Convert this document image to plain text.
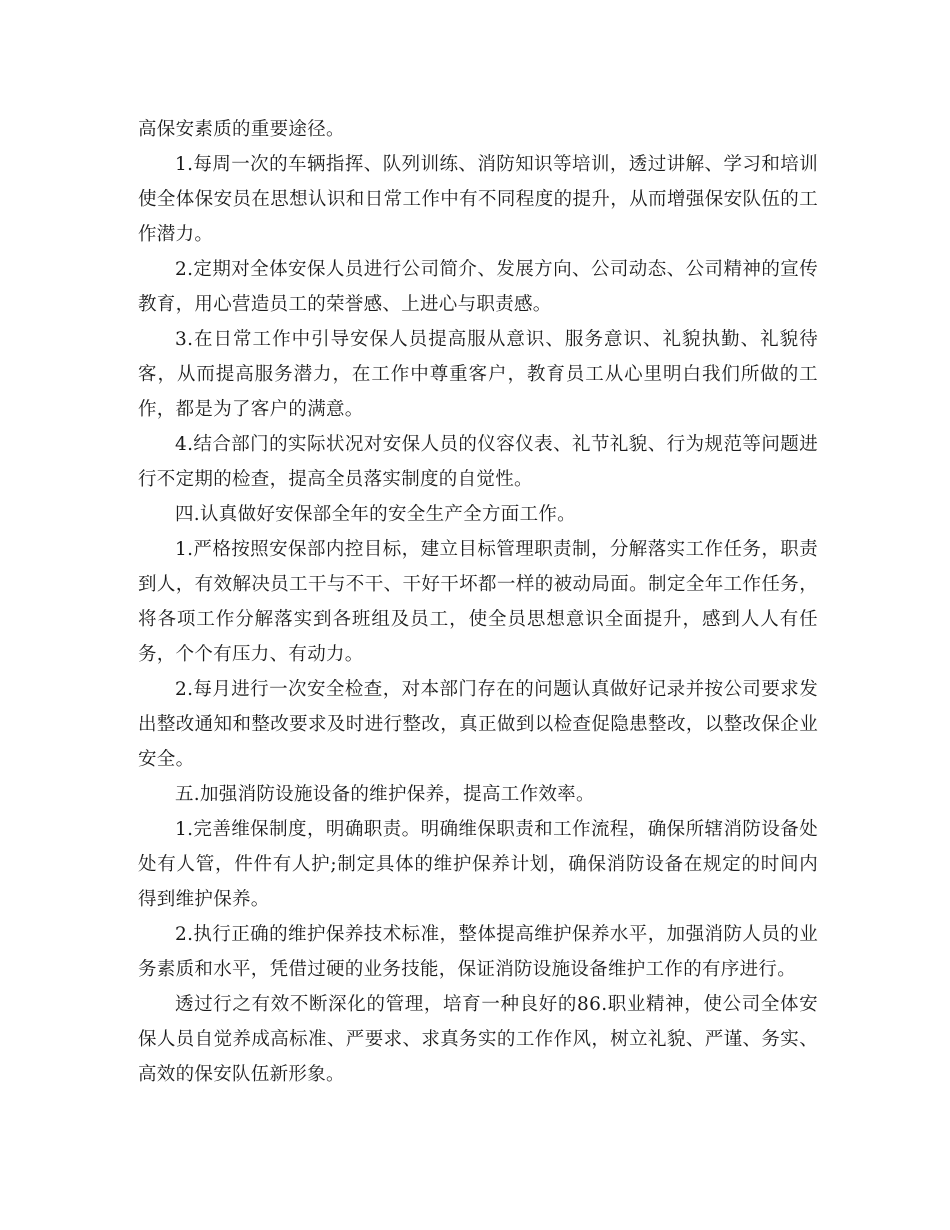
高保安素质的重要途径。

1.每周一次的车辆指挥、队列训练、消防知识等培训，透过讲解、学习和培训使全体保安员在思想认识和日常工作中有不同程度的提升，从而增强保安队伍的工作潜力。

2.定期对全体安保人员进行公司简介、发展方向、公司动态、公司精神的宣传教育，用心营造员工的荣誉感、上进心与职责感。

3.在日常工作中引导安保人员提高服从意识、服务意识、礼貌执勤、礼貌待客，从而提高服务潜力，在工作中尊重客户，教育员工从心里明白我们所做的工作，都是为了客户的满意。

4.结合部门的实际状况对安保人员的仪容仪表、礼节礼貌、行为规范等问题进行不定期的检查，提高全员落实制度的自觉性。

四.认真做好安保部全年的安全生产全方面工作。

1.严格按照安保部内控目标，建立目标管理职责制，分解落实工作任务，职责到人，有效解决员工干与不干、干好干坏都一样的被动局面。制定全年工作任务，将各项工作分解落实到各班组及员工，使全员思想意识全面提升，感到人人有任务，个个有压力、有动力。

2.每月进行一次安全检查，对本部门存在的问题认真做好记录并按公司要求发出整改通知和整改要求及时进行整改，真正做到以检查促隐患整改，以整改保企业安全。

五.加强消防设施设备的维护保养，提高工作效率。

1.完善维保制度，明确职责。明确维保职责和工作流程，确保所辖消防设备处处有人管，件件有人护;制定具体的维护保养计划，确保消防设备在规定的时间内得到维护保养。

2.执行正确的维护保养技术标准，整体提高维护保养水平，加强消防人员的业务素质和水平，凭借过硬的业务技能，保证消防设施设备维护工作的有序进行。

透过行之有效不断深化的管理，培育一种良好的86.职业精神，使公司全体安保人员自觉养成高标准、严要求、求真务实的工作作风，树立礼貌、严谨、务实、高效的保安队伍新形象。
